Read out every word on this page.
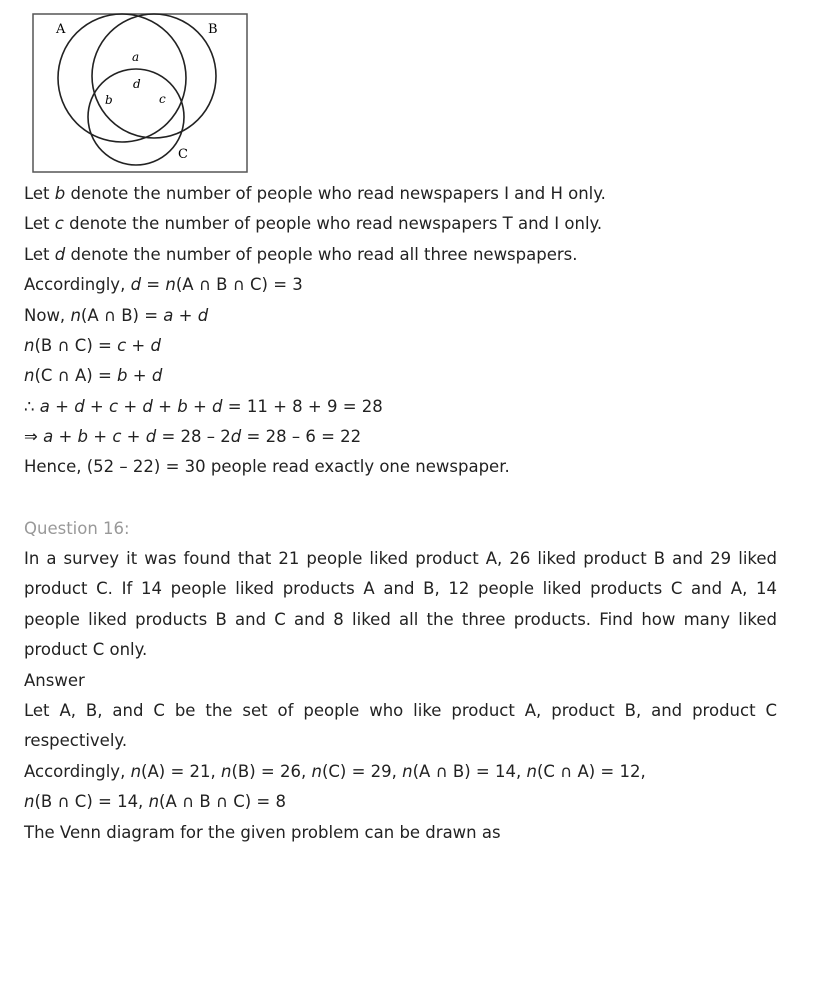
A	B
C
a
d
b	c
Let b denote the number of people who read newspapers I and H only.
Let c denote the number of people who read newspapers T and I only.
Let d denote the number of people who read all three newspapers.
Accordingly, d = n(A ∩ B ∩ C) = 3
Now, n(A ∩ B) = a + d
n(B ∩ C) = c + d
n(C ∩ A) = b + d
∴ a + d + c + d + b + d = 11 + 8 + 9 = 28
⇒ a + b + c + d = 28 – 2d = 28 – 6 = 22
Hence, (52 – 22) = 30 people read exactly one newspaper.
Question 16:
In a survey it was found that 21 people liked product A, 26 liked product B and 29 liked product C. If 14 people liked products A and B, 12 people liked products C and A, 14 people liked products B and C and 8 liked all the three products. Find how many liked product C only.
Answer
Let A, B, and C be the set of people who like product A, product B, and product C respectively.
Accordingly, n(A) = 21, n(B) = 26, n(C) = 29, n(A ∩ B) = 14, n(C ∩ A) = 12,
n(B ∩ C) = 14, n(A ∩ B ∩ C) = 8
The Venn diagram for the given problem can be drawn as
